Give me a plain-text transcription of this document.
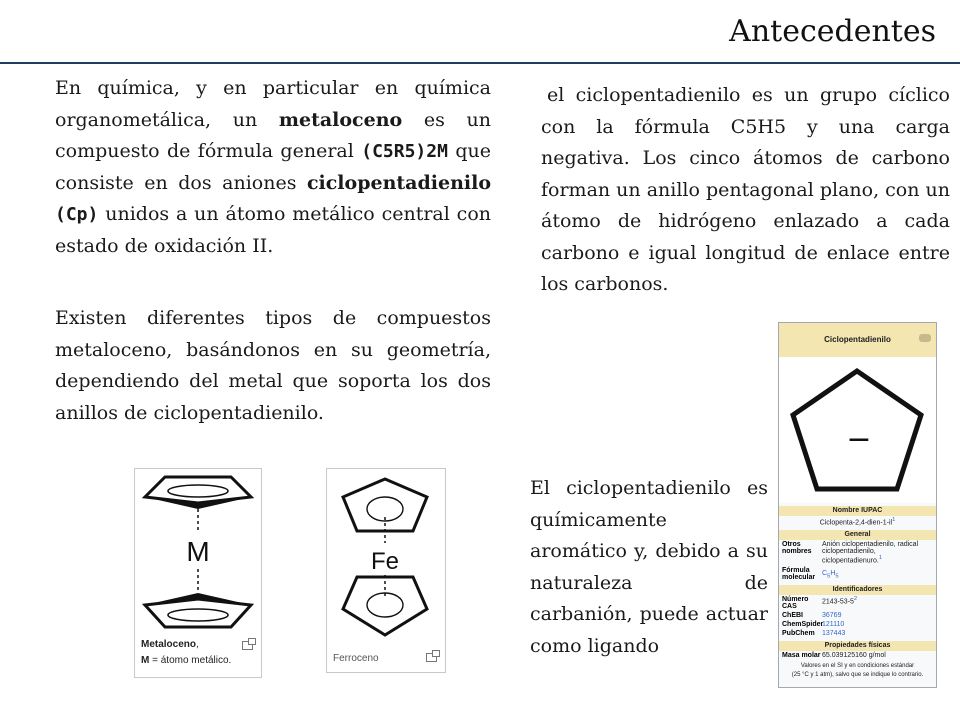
Antecedentes

En química, y en particular en química organometálica, un metaloceno es un compuesto de fórmula general (C5R5)2M que consiste en dos aniones ciclopentadienilo (Cp) unidos a un átomo metálico central con estado de oxidación II.

Existen diferentes tipos de compuestos metaloceno, basándonos en su geometría, dependiendo del metal que soporta los dos anillos de ciclopentadienilo.

el ciclopentadienilo es un grupo cíclico con la fórmula C5H5 y una carga negativa. Los cinco átomos de carbono forman un anillo pentagonal plano, con un átomo de hidrógeno enlazado a cada carbono e igual longitud de enlace entre los carbonos.

El ciclopentadienilo es químicamente aromático y, debido a su naturaleza de carbanión, puede actuar como ligando

M
Metaloceno,
M = átomo metálico.
Fe
Ferroceno
Ciclopentadienilo
−
Nombre IUPAC
Ciclopenta-$2,4-dien-1-il^1$
General
Otros nombres
Anión ciclopentadienilo, radical ciclopentadienilo, ciclopentadienuro.$^1$
Fórmula molecular
$C_5H_5$
Identificadores
Número CAS
$2143-53-5^2$
ChEBI	36769
ChemSpider
121110
PubChem	137443
Propiedades físicas
Masa molar 65.039125160 g/mol
Valores en el SI y en condiciones estándar
(25 °C y 1 atm), salvo que se indique lo contrario.
